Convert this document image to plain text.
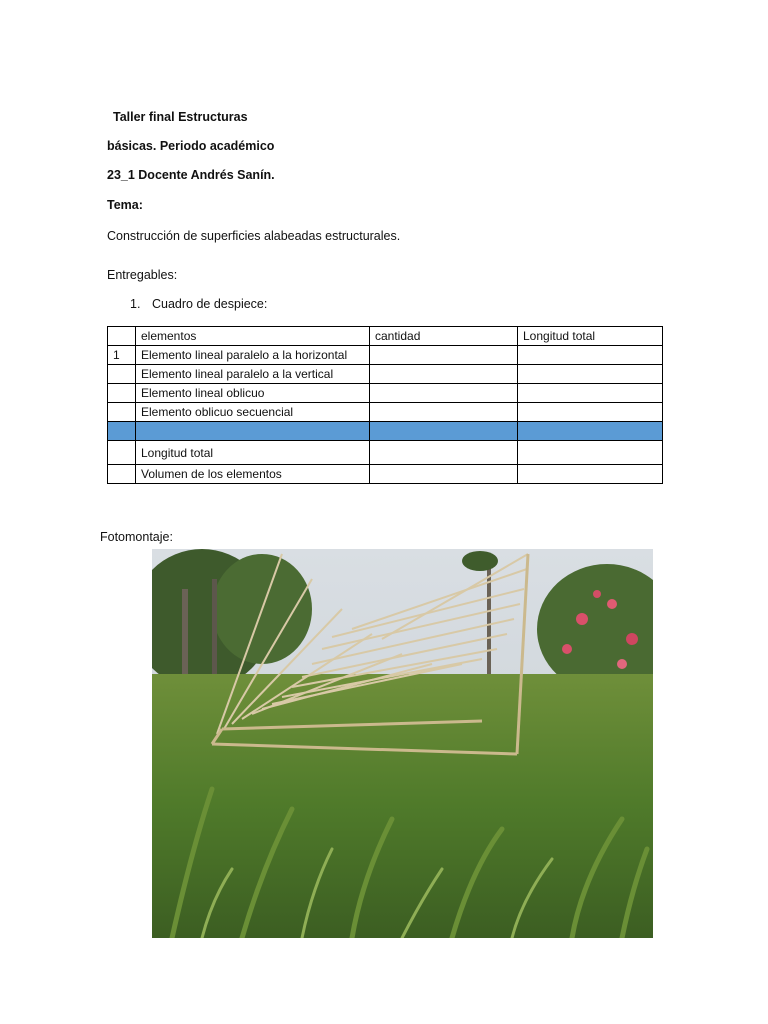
Taller final Estructuras
básicas. Periodo académico
23_1 Docente Andrés Sanín.
Tema:
Construcción de superficies alabeadas estructurales.
Entregables:
1. Cuadro de despiece:
	elementos	cantidad	Longitud total
1	Elemento lineal paralelo a la horizontal		
	Elemento lineal paralelo a la vertical		
	Elemento lineal oblicuo		
	Elemento oblicuo secuencial		

	Longitud total		
	Volumen de los elementos		
Fotomontaje:
